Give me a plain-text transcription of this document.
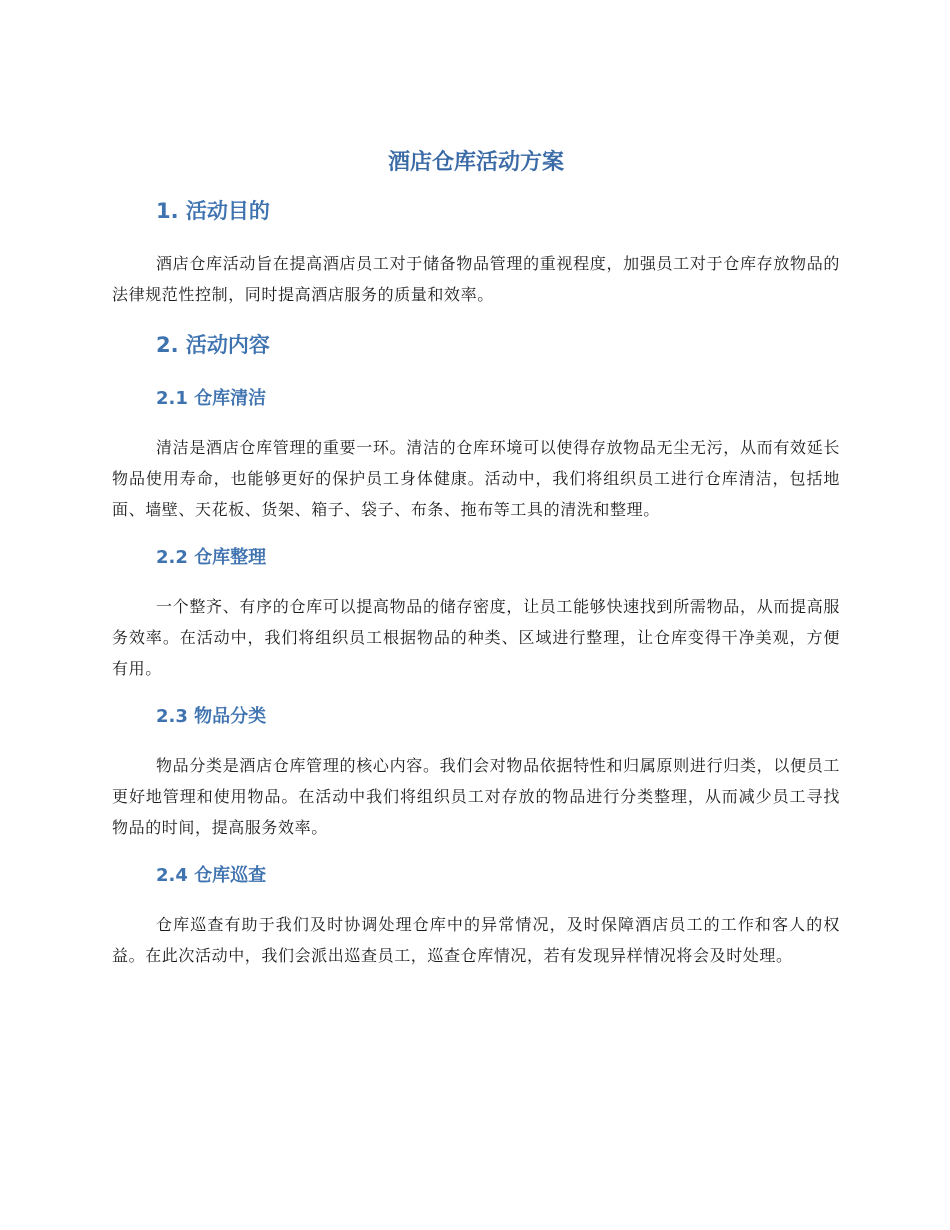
酒店仓库活动方案
1. 活动目的

酒店仓库活动旨在提高酒店员工对于储备物品管理的重视程度，加强员工对于仓库存放物品的法律规范性控制，同时提高酒店服务的质量和效率。

2. 活动内容
2.1 仓库清洁

清洁是酒店仓库管理的重要一环。清洁的仓库环境可以使得存放物品无尘无污，从而有效延长物品使用寿命，也能够更好的保护员工身体健康。活动中，我们将组织员工进行仓库清洁，包括地面、墙壁、天花板、货架、箱子、袋子、布条、拖布等工具的清洗和整理。

2.2 仓库整理

一个整齐、有序的仓库可以提高物品的储存密度，让员工能够快速找到所需物品，从而提高服务效率。在活动中，我们将组织员工根据物品的种类、区域进行整理，让仓库变得干净美观，方便有用。

2.3 物品分类

物品分类是酒店仓库管理的核心内容。我们会对物品依据特性和归属原则进行归类，以便员工更好地管理和使用物品。在活动中我们将组织员工对存放的物品进行分类整理，从而减少员工寻找物品的时间，提高服务效率。

2.4 仓库巡查

仓库巡查有助于我们及时协调处理仓库中的异常情况，及时保障酒店员工的工作和客人的权益。在此次活动中，我们会派出巡查员工，巡查仓库情况，若有发现异样情况将会及时处理。
